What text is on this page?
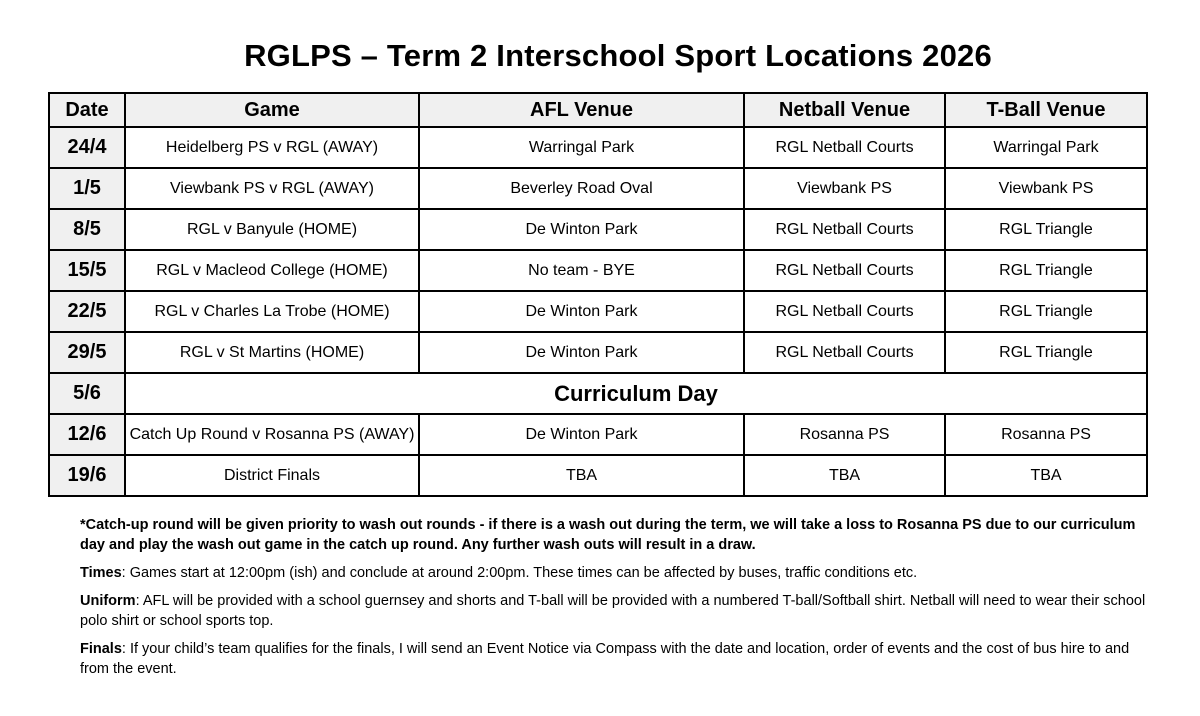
RGLPS – Term 2 Interschool Sport Locations 2026
Date	Game	AFL Venue	Netball Venue	T-Ball Venue
24/4	Heidelberg PS v RGL (AWAY)	Warringal Park	RGL Netball Courts	Warringal Park
1/5	Viewbank PS v RGL (AWAY)	Beverley Road Oval	Viewbank PS	Viewbank PS
8/5	RGL v Banyule (HOME)	De Winton Park	RGL Netball Courts	RGL Triangle
15/5	RGL v Macleod College (HOME)	No team - BYE	RGL Netball Courts	RGL Triangle
22/5	RGL v Charles La Trobe (HOME)	De Winton Park	RGL Netball Courts	RGL Triangle
29/5	RGL v St Martins (HOME)	De Winton Park	RGL Netball Courts	RGL Triangle
5/6	Curriculum Day			
12/6	Catch Up Round v Rosanna PS (AWAY)	De Winton Park	Rosanna PS	Rosanna PS
19/6	District Finals	TBA	TBA	TBA

*Catch-up round will be given priority to wash out rounds - if there is a wash out during the term, we will take a loss to Rosanna PS due to our curriculum day and play the wash out game in the catch up round. Any further wash outs will result in a draw.

Times: Games start at 12:00pm (ish) and conclude at around 2:00pm. These times can be affected by buses, traffic conditions etc.

Uniform: AFL will be provided with a school guernsey and shorts and T-ball will be provided with a numbered T-ball/Softball shirt. Netball will need to wear their school polo shirt or school sports top.

Finals: If your child’s team qualifies for the finals, I will send an Event Notice via Compass with the date and location, order of events and the cost of bus hire to and from the event.
